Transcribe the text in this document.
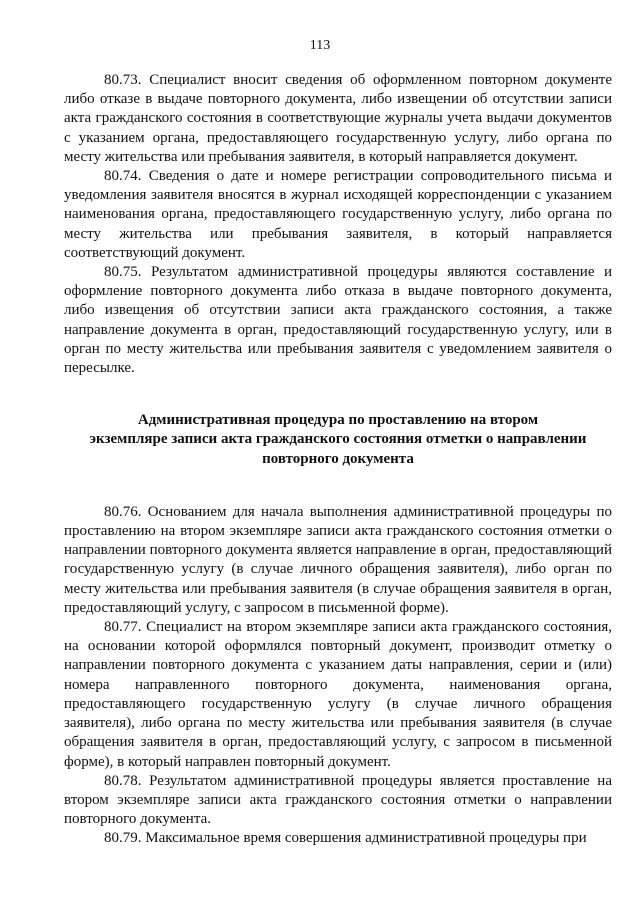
113

80.73. Специалист вносит сведения об оформленном повторном документе либо отказе в выдаче повторного документа, либо извещении об отсутствии записи акта гражданского состояния в соответствующие журналы учета выдачи документов с указанием органа, предоставляющего государственную услугу, либо органа по месту жительства или пребывания заявителя, в который направляется документ.

80.74. Сведения о дате и номере регистрации сопроводительного письма и уведомления заявителя вносятся в журнал исходящей корреспонденции с указанием наименования органа, предоставляющего государственную услугу, либо органа по месту жительства или пребывания заявителя, в который направляется соответствующий документ.

80.75. Результатом административной процедуры являются составление и оформление повторного документа либо отказа в выдаче повторного документа, либо извещения об отсутствии записи акта гражданского состояния, а также направление документа в орган, предоставляющий государственную услугу, или в орган по месту жительства или пребывания заявителя с уведомлением заявителя о пересылке.

Административная процедура по проставлению на втором
экземпляре записи акта гражданского состояния отметки о направлении
повторного документа

80.76. Основанием для начала выполнения административной процедуры по проставлению на втором экземпляре записи акта гражданского состояния отметки о направлении повторного документа является направление в орган, предоставляющий государственную услугу (в случае личного обращения заявителя), либо орган по месту жительства или пребывания заявителя (в случае обращения заявителя в орган, предоставляющий услугу, с запросом в письменной форме).

80.77. Специалист на втором экземпляре записи акта гражданского состояния, на основании которой оформлялся повторный документ, производит отметку о направлении повторного документа с указанием даты направления, серии и (или) номера направленного повторного документа, наименования органа, предоставляющего государственную услугу (в случае личного обращения заявителя), либо органа по месту жительства или пребывания заявителя (в случае обращения заявителя в орган, предоставляющий услугу, с запросом в письменной форме), в который направлен повторный документ.

80.78. Результатом административной процедуры является проставление на втором экземпляре записи акта гражданского состояния отметки о направлении повторного документа.

80.79. Максимальное время совершения административной процедуры при
